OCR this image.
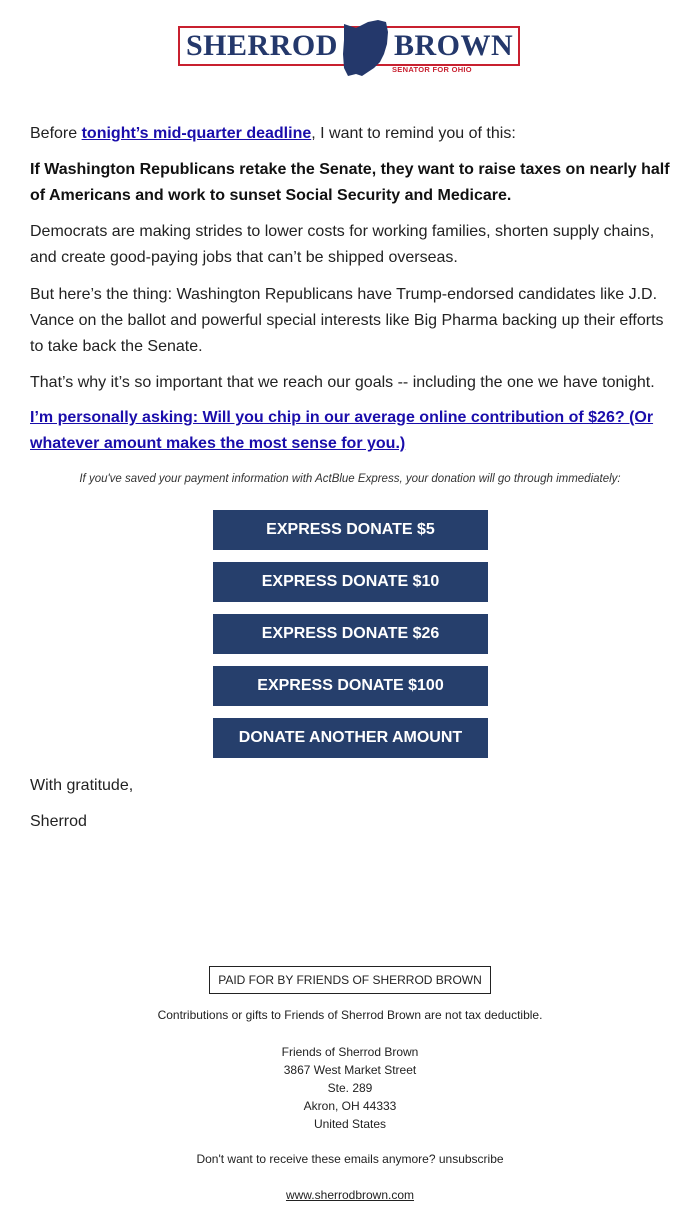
SHERROD BROWN
SENATOR FOR OHIO

Before tonight’s mid-quarter deadline, I want to remind you of this:

If Washington Republicans retake the Senate, they want to raise taxes on nearly half of Americans and work to sunset Social Security and Medicare.

Democrats are making strides to lower costs for working families, shorten supply chains, and create good-paying jobs that can’t be shipped overseas.

But here’s the thing: Washington Republicans have Trump-endorsed candidates like J.D. Vance on the ballot and powerful special interests like Big Pharma backing up their efforts to take back the Senate.

That’s why it’s so important that we reach our goals -- including the one we have tonight.

I’m personally asking: Will you chip in our average online contribution of $26? (Or whatever amount makes the most sense for you.)

If you've saved your payment information with ActBlue Express, your donation will go through immediately:
EXPRESS DONATE $5
EXPRESS DONATE $10
EXPRESS DONATE $26
EXPRESS DONATE $100
DONATE ANOTHER AMOUNT
With gratitude,
Sherrod
PAID FOR BY FRIENDS OF SHERROD BROWN
Contributions or gifts to Friends of Sherrod Brown are not tax deductible.
Friends of Sherrod Brown
3867 West Market Street
Ste. 289
Akron, OH 44333
United States
Don't want to receive these emails anymore? unsubscribe
www.sherrodbrown.com
